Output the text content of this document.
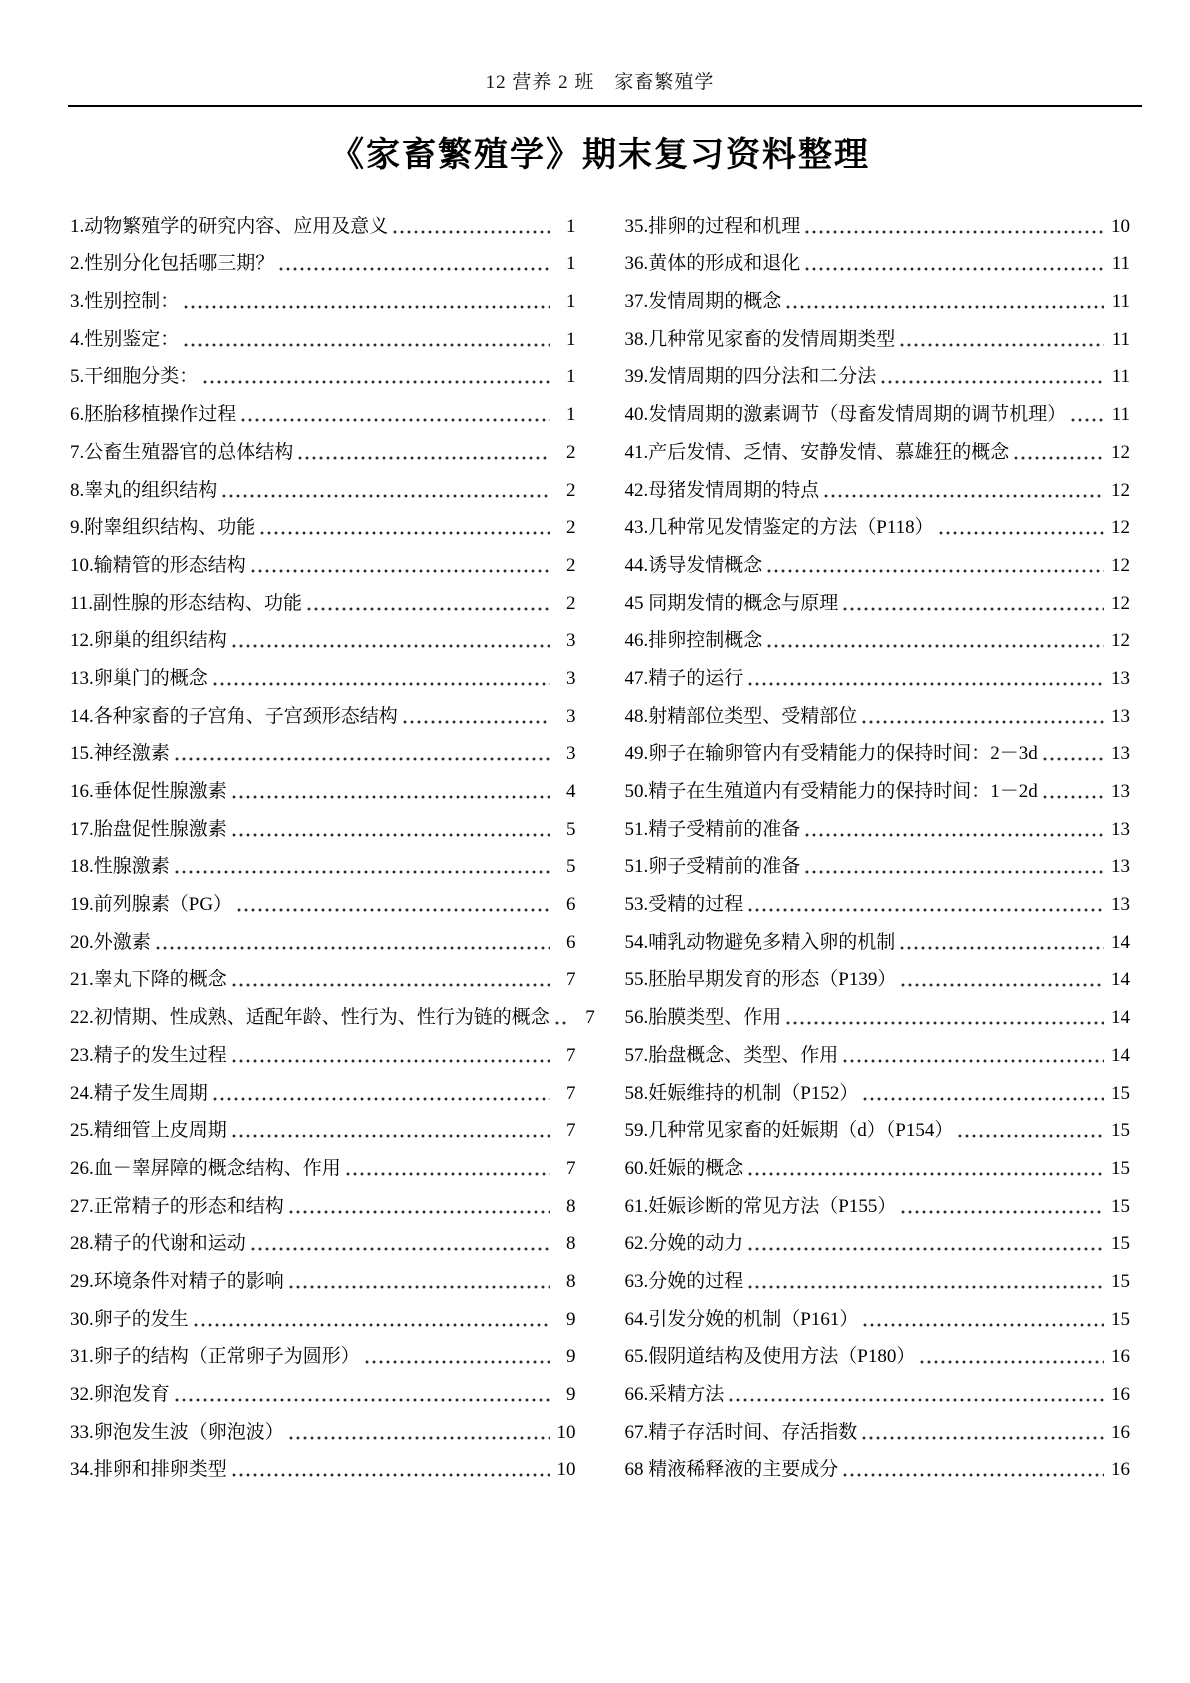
12 营养 2 班　家畜繁殖学
《家畜繁殖学》期末复习资料整理
1.动物繁殖学的研究内容、应用及意义	1
2.性别分化包括哪三期？	1
3.性别控制：	1
4.性别鉴定：	1
5.干细胞分类：	1
6.胚胎移植操作过程	1
7.公畜生殖器官的总体结构	2
8.睾丸的组织结构	2
9.附睾组织结构、功能	2
10.输精管的形态结构	2
11.副性腺的形态结构、功能	2
12.卵巢的组织结构	3
13.卵巢门的概念	3
14.各种家畜的子宫角、子宫颈形态结构	3
15.神经激素	3
16.垂体促性腺激素	4
17.胎盘促性腺激素	5
18.性腺激素	5
19.前列腺素（PG）	6
20.外激素	6
21.睾丸下降的概念	7
22.初情期、性成熟、适配年龄、性行为、性行为链的概念	7
23.精子的发生过程	7
24.精子发生周期	7
25.精细管上皮周期	7
26.血－睾屏障的概念结构、作用	7
27.正常精子的形态和结构	8
28.精子的代谢和运动	8
29.环境条件对精子的影响	8
30.卵子的发生	9
31.卵子的结构（正常卵子为圆形）	9
32.卵泡发育	9
33.卵泡发生波（卵泡波）	10
34.排卵和排卵类型	10
35.排卵的过程和机理	10
36.黄体的形成和退化	11
37.发情周期的概念	11
38.几种常见家畜的发情周期类型	11
39.发情周期的四分法和二分法	11
40.发情周期的激素调节（母畜发情周期的调节机理） 11
41.产后发情、乏情、安静发情、慕雄狂的概念	12
42.母猪发情周期的特点	12
43.几种常见发情鉴定的方法（P118）	12
44.诱导发情概念	12
45 同期发情的概念与原理	12
46.排卵控制概念	12
47.精子的运行	13
48.射精部位类型、受精部位	13
49.卵子在输卵管内有受精能力的保持时间：2－3d	13
50.精子在生殖道内有受精能力的保持时间：1－2d	13
51.精子受精前的准备	13
51.卵子受精前的准备	13
53.受精的过程	13
54.哺乳动物避免多精入卵的机制	14
55.胚胎早期发育的形态（P139）	14
56.胎膜类型、作用	14
57.胎盘概念、类型、作用	14
58.妊娠维持的机制（P152）	15
59.几种常见家畜的妊娠期（d）（P154）	15
60.妊娠的概念	15
61.妊娠诊断的常见方法（P155）	15
62.分娩的动力	15
63.分娩的过程	15
64.引发分娩的机制（P161）	15
65.假阴道结构及使用方法（P180）	16
66.采精方法	16
67.精子存活时间、存活指数	16
68 精液稀释液的主要成分	16
